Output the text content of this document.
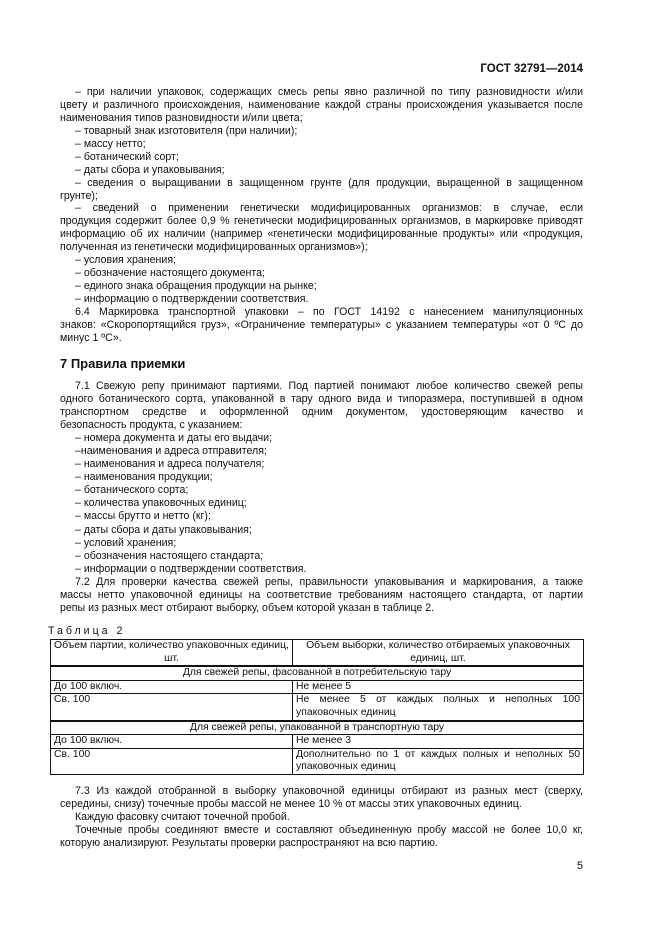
ГОСТ 32791—2014
– при наличии упаковок, содержащих смесь репы явно различной по типу разновидности и/или
цвету и различного происхождения, наименование каждой страны происхождения указывается после
наименования типов разновидности и/или цвета;
– товарный знак изготовителя (при наличии);
– массу нетто;
– ботанический сорт;
– даты сбора и упаковывания;
– сведения о выращивании в защищенном грунте (для продукции, выращенной в защищенном
грунте);
– сведений о применении генетически модифицированных организмов: в случае, если
продукция содержит более 0,9 % генетически модифицированных организмов, в маркировке приводят
информацию об их наличии (например «генетически модифицированные продукты» или «продукция,
полученная из генетически модифицированных организмов»);
– условия хранения;
– обозначение настоящего документа;
– единого знака обращения продукции на рынке;
– информацию о подтверждении соответствия.
6.4 Маркировка транспортной упаковки – по ГОСТ 14192 с нанесением манипуляционных
знаков: «Скоропортящийся груз», «Ограничение температуры» с указанием температуры «от 0 ºС до
минус 1 ºС».
7 Правила приемки
7.1 Свежую репу принимают партиями. Под партией понимают любое количество свежей репы
одного ботанического сорта, упакованной в тару одного вида и типоразмера, поступившей в одном
транспортном средстве и оформленной одним документом, удостоверяющим качество и
безопасность продукта, с указанием:
– номера документа и даты его выдачи;
–наименования и адреса отправителя;
– наименования и адреса получателя;
– наименования продукции;
– ботанического сорта;
– количества упаковочных единиц;
– массы брутто и нетто (кг);
– даты сбора и даты упаковывания;
– условий хранения;
– обозначения настоящего стандарта;
– информации о подтверждении соответствия.
7.2 Для проверки качества свежей репы, правильности упаковывания и маркирования, а также
массы нетто упаковочной единицы на соответствие требованиям настоящего стандарта, от партии
репы из разных мест отбирают выборку, объем которой указан в таблице 2.
Таблица 2
Объем партии, количество упаковочных единиц, шт.	Объем выборки, количество отбираемых упаковочных единиц, шт.
Для свежей репы, фасованной в потребительскую тару	
До 100 включ.	Не менее 5
Св. 100	Не менее 5 от каждых полных и неполных 100 упаковочных единиц
Для свежей репы, упакованной в транспортную тару	
До 100 включ.	Не менее 3
Св. 100	Дополнительно по 1 от каждых полных и неполных 50 упаковочных единиц
7.3 Из каждой отобранной в выборку упаковочной единицы отбирают из разных мест (сверху,
середины, снизу) точечные пробы массой не менее 10 % от массы этих упаковочных единиц.
Каждую фасовку считают точечной пробой.
Точечные пробы соединяют вместе и составляют объединенную пробу массой не более 10,0 кг,
которую анализируют. Результаты проверки распространяют на всю партию.
5
